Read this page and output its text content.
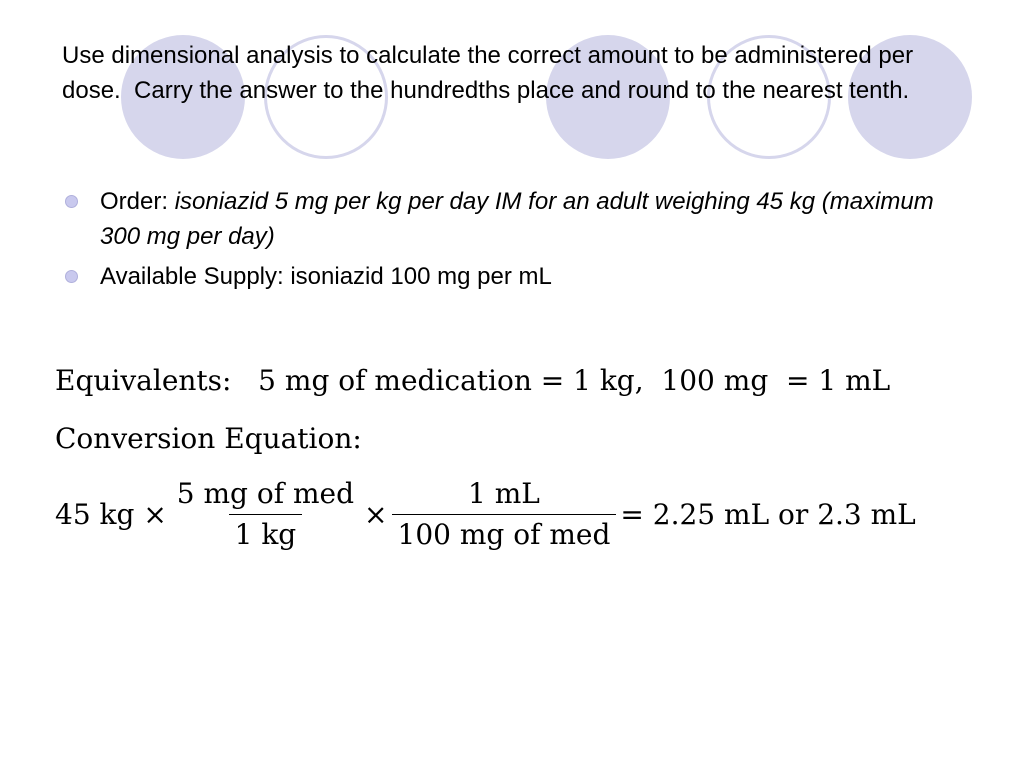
Use dimensional analysis to calculate the correct amount to be administered per dose.  Carry the answer to the hundredths place and round to the nearest tenth.

Order: isoniazid 5 mg per kg per day IM for an adult weighing 45 kg (maximum 300 mg per day)
Available Supply: isoniazid 100 mg per mL
Equivalents:   5 mg of medication = 1 kg,  100 mg  = 1 mL
Conversion Equation:
45 kg × $\frac{\text{5 mg of med}}{1 kg} \times \frac{1 mL}{\text{100 mg of med}} = 2.25$ mL or 2.3 mL
